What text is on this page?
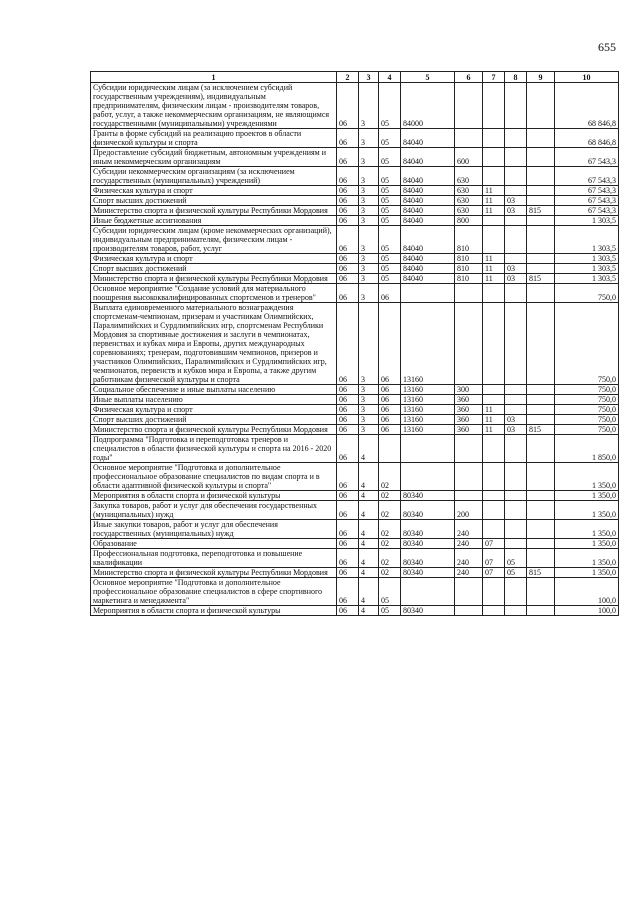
655
1	2	3	4	5	6	7	8	9	10
Субсидии юридическим лицам (за исключением субсидий государственным учреждениям), индивидуальным предпринимателям, физическим лицам - производителям товаров, работ, услуг, а также некоммерческим организациям, не являющимся государственными (муниципальными) учреждениями	06	3	05	84000					68 846,8
Гранты в форме субсидий на реализацию проектов в области физической культуры и спорта	06	3	05	84040					68 846,8
Предоставление субсидий бюджетным, автономным учреждениям и иным некоммерческим организациям	06	3	05	84040	600				67 543,3
Субсидии некоммерческим организациям (за исключением государственных (муниципальных) учреждений)	06	3	05	84040	630				67 543,3
Физическая культура и спорт	06	3	05	84040	630	11			67 543,3
Спорт высших достижений	06	3	05	84040	630	11	03		67 543,3
Министерство спорта и физической культуры Республики Мордовия	06	3	05	84040	630	11	03	815	67 543,3
Иные бюджетные ассигнования	06	3	05	84040	800				1 303,5
Субсидии юридическим лицам (кроме некоммерческих организаций), индивидуальным предпринимателям, физическим лицам - производителям товаров, работ, услуг	06	3	05	84040	810				1 303,5
Физическая культура и спорт	06	3	05	84040	810	11			1 303,5
Спорт высших достижений	06	3	05	84040	810	11	03		1 303,5
Министерство спорта и физической культуры Республики Мордовия	06	3	05	84040	810	11	03	815	1 303,5
Основное мероприятие "Создание условий для материального поощрения высококвалифицированных спортсменов и тренеров"	06	3	06						750,0
Выплата единовременного материального вознаграждения спортсменам-чемпионам, призерам и участникам Олимпийских, Паралимпийских и Сурдлимпийских игр, спортсменам Республики Мордовия за спортивные достижения и заслуги в чемпионатах, первенствах и кубках мира и Европы, других международных соревнованиях; тренерам, подготовившим чемпионов, призеров и участников Олимпийских, Паралимпийских и Сурдлимпийских игр, чемпионатов, первенств и кубков мира и Европы, а также другим работникам физической культуры и спорта	06	3	06	13160					750,0
Социальное обеспечение и иные выплаты населению	06	3	06	13160	300				750,0
Иные выплаты населению	06	3	06	13160	360				750,0
Физическая культура и спорт	06	3	06	13160	360	11			750,0
Спорт высших достижений	06	3	06	13160	360	11	03		750,0
Министерство спорта и физической культуры Республики Мордовия	06	3	06	13160	360	11	03	815	750,0
Подпрограмма "Подготовка и переподготовка тренеров и специалистов в области физической культуры и спорта на 2016 - 2020 годы"	06	4							1 850,0
Основное мероприятие "Подготовка и дополнительное профессиональное образование специалистов по видам спорта и в области адаптивной физической культуры и спорта"	06	4	02						1 350,0
Мероприятия в области спорта и физической культуры	06	4	02	80340					1 350,0
Закупка товаров, работ и услуг для обеспечения государственных (муниципальных) нужд	06	4	02	80340	200				1 350,0
Иные закупки товаров, работ и услуг для обеспечения государственных (муниципальных) нужд	06	4	02	80340	240				1 350,0
Образование	06	4	02	80340	240	07			1 350,0
Профессиональная подготовка, переподготовка и повышение квалификации	06	4	02	80340	240	07	05		1 350,0
Министерство спорта и физической культуры Республики Мордовия	06	4	02	80340	240	07	05	815	1 350,0
Основное мероприятие "Подготовка и дополнительное профессиональное образование специалистов в сфере спортивного маркетинга и менеджмента"	06	4	05						100,0
Мероприятия в области спорта и физической культуры	06	4	05	80340					100,0
